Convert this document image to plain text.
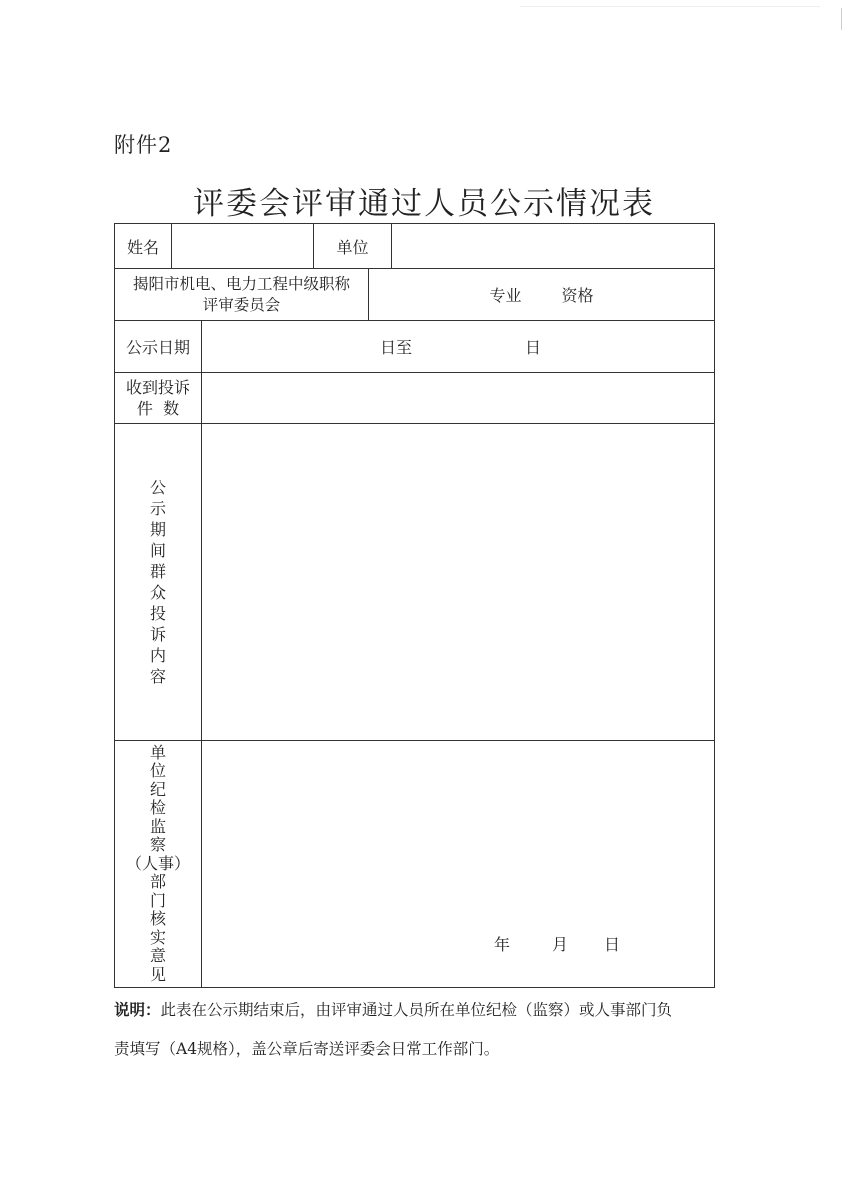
附件2
评委会评审通过人员公示情况表
姓名	单位
揭阳市机电、电力工程中级职称
评审委员会	专业	资格
公示日期	日至	日
收到投诉
件  数
公
示
期
间
群
众
投
诉
内
容
单
位
纪
检
监
察
（人事）
部
门
核
实
意
见
年	月 日
说明：此表在公示期结束后，由评审通过人员所在单位纪检（监察）或人事部门负
责填写（A4规格），盖公章后寄送评委会日常工作部门。
